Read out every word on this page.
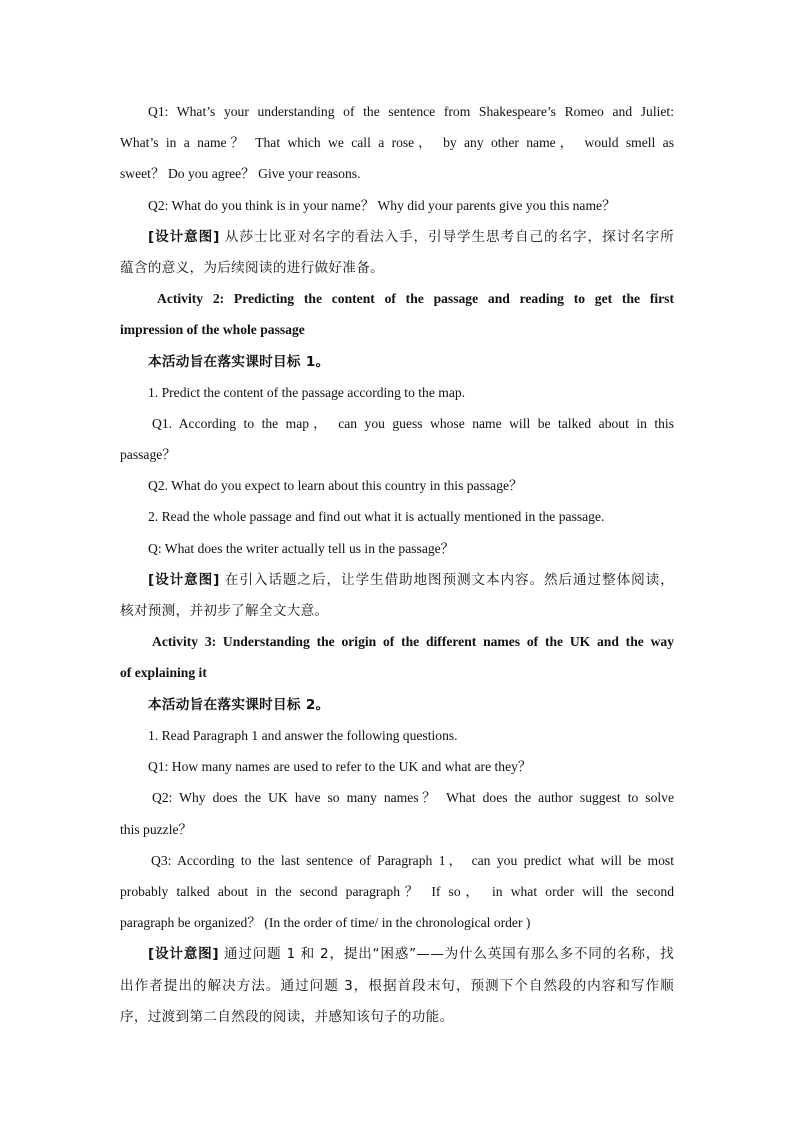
Q1: What’s your understanding of the sentence from Shakespeare’s Romeo and Juliet:
What’s in a name？ That which we call a rose， by any other name， would smell as
sweet？ Do you agree？ Give your reasons.
Q2: What do you think is in your name？ Why did your parents give you this name？
[设计意图] 从莎士比亚对名字的看法入手，引导学生思考自己的名字，探讨名字所
蕴含的意义，为后续阅读的进行做好准备。
Activity 2: Predicting the content of the passage and reading to get the first
impression of the whole passage
本活动旨在落实课时目标 1。
1. Predict the content of the passage according to the map.
Q1. According to the map， can you guess whose name will be talked about in this
passage？
Q2. What do you expect to learn about this country in this passage？
2. Read the whole passage and find out what it is actually mentioned in the passage.
Q: What does the writer actually tell us in the passage？
[设计意图] 在引入话题之后，让学生借助地图预测文本内容。然后通过整体阅读，
核对预测，并初步了解全文大意。
Activity 3: Understanding the origin of the different names of the UK and the way
of explaining it
本活动旨在落实课时目标 2。
1. Read Paragraph 1 and answer the following questions.
Q1: How many names are used to refer to the UK and what are they？
Q2: Why does the UK have so many names？ What does the author suggest to solve
this puzzle？
Q3: According to the last sentence of Paragraph 1， can you predict what will be most
probably talked about in the second paragraph？ If so， in what order will the second
paragraph be organized？ (In the order of time/ in the chronological order )
[设计意图] 通过问题 1 和 2，提出“困惑”——为什么英国有那么多不同的名称，找
出作者提出的解决方法。通过问题 3，根据首段末句，预测下个自然段的内容和写作顺
序，过渡到第二自然段的阅读，并感知该句子的功能。
